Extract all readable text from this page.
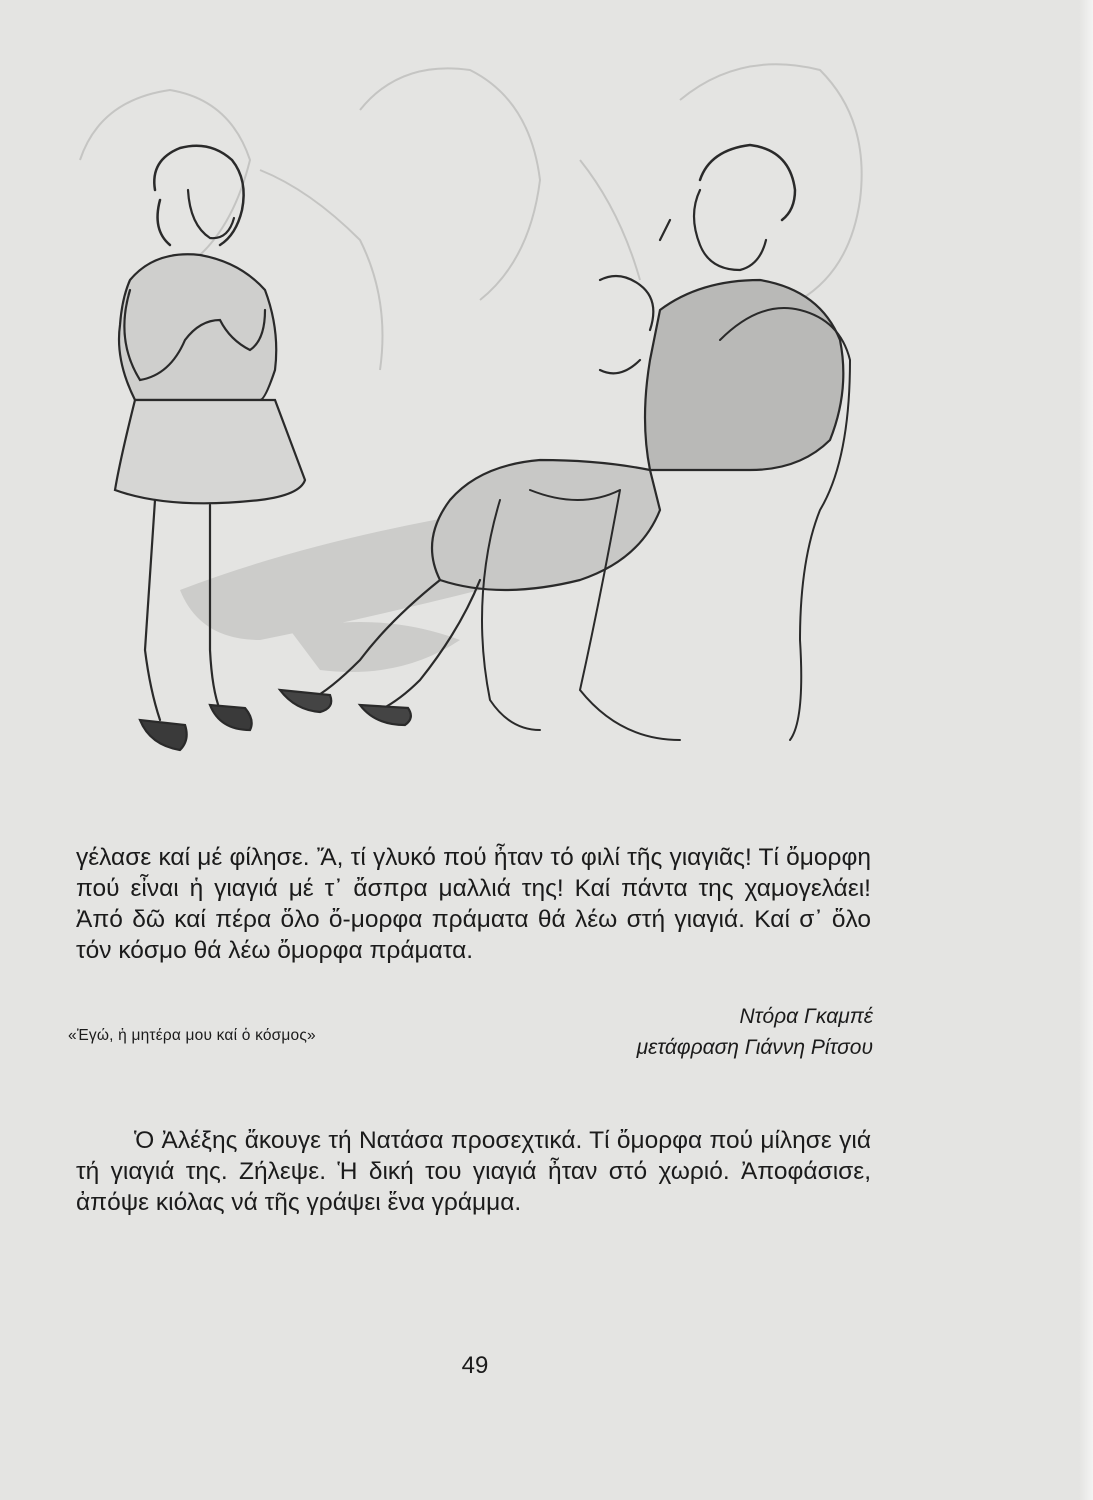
γέλασε καί μέ φίλησε. Ἄ, τί γλυκό πού ἦταν τό φιλί τῆς γιαγιᾶς! Τί ὄμορφη πού εἶναι ἡ γιαγιά μέ τ᾽ ἄσπρα μαλλιά της! Καί πάντα της χαμογελάει! Ἀπό δῶ καί πέρα ὅλο ὄ-μορφα πράματα θά λέω στή γιαγιά. Καί σ᾽ ὅλο τόν κόσμο θά λέω ὄμορφα πράματα.

«Ἐγώ, ἡ μητέρα μου καί ὁ κόσμος»
Ντόρα Γκαμπέ
μετάφραση Γιάννη Ρίτσου

Ὁ Ἀλέξης ἄκουγε τή Νατάσα προσεχτικά. Τί ὄμορφα πού μίλησε γιά τή γιαγιά της. Ζήλεψε. Ἡ δική του γιαγιά ἦταν στό χωριό. Ἀποφάσισε, ἀπόψε κιόλας νά τῆς γράψει ἕνα γράμμα.

49
